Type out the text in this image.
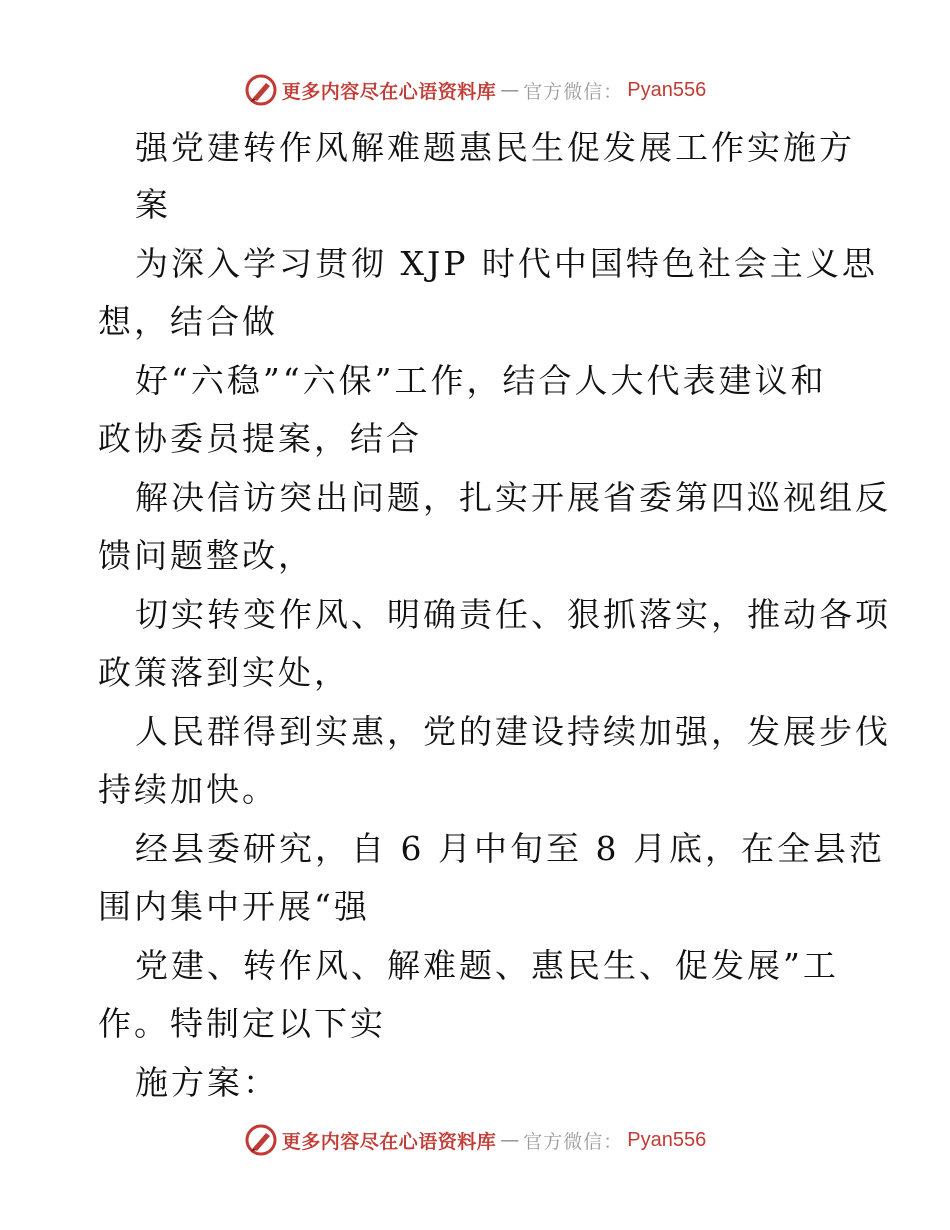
更多内容尽在心语资料库 — 官方微信： Pyan556
强党建转作风解难题惠民生促发展工作实施方
案
为深入学习贯彻 XJP 时代中国特色社会主义思
想，结合做
好“六稳”“六保”工作，结合人大代表建议和
政协委员提案，结合
解决信访突出问题，扎实开展省委第四巡视组反
馈问题整改，
切实转变作风、明确责任、狠抓落实，推动各项
政策落到实处，
人民群得到实惠，党的建设持续加强，发展步伐
持续加快。
经县委研究，自 6 月中旬至 8 月底，在全县范
围内集中开展“强
党建、转作风、解难题、惠民生、促发展”工
作。特制定以下实
施方案：
更多内容尽在心语资料库 — 官方微信： Pyan556
